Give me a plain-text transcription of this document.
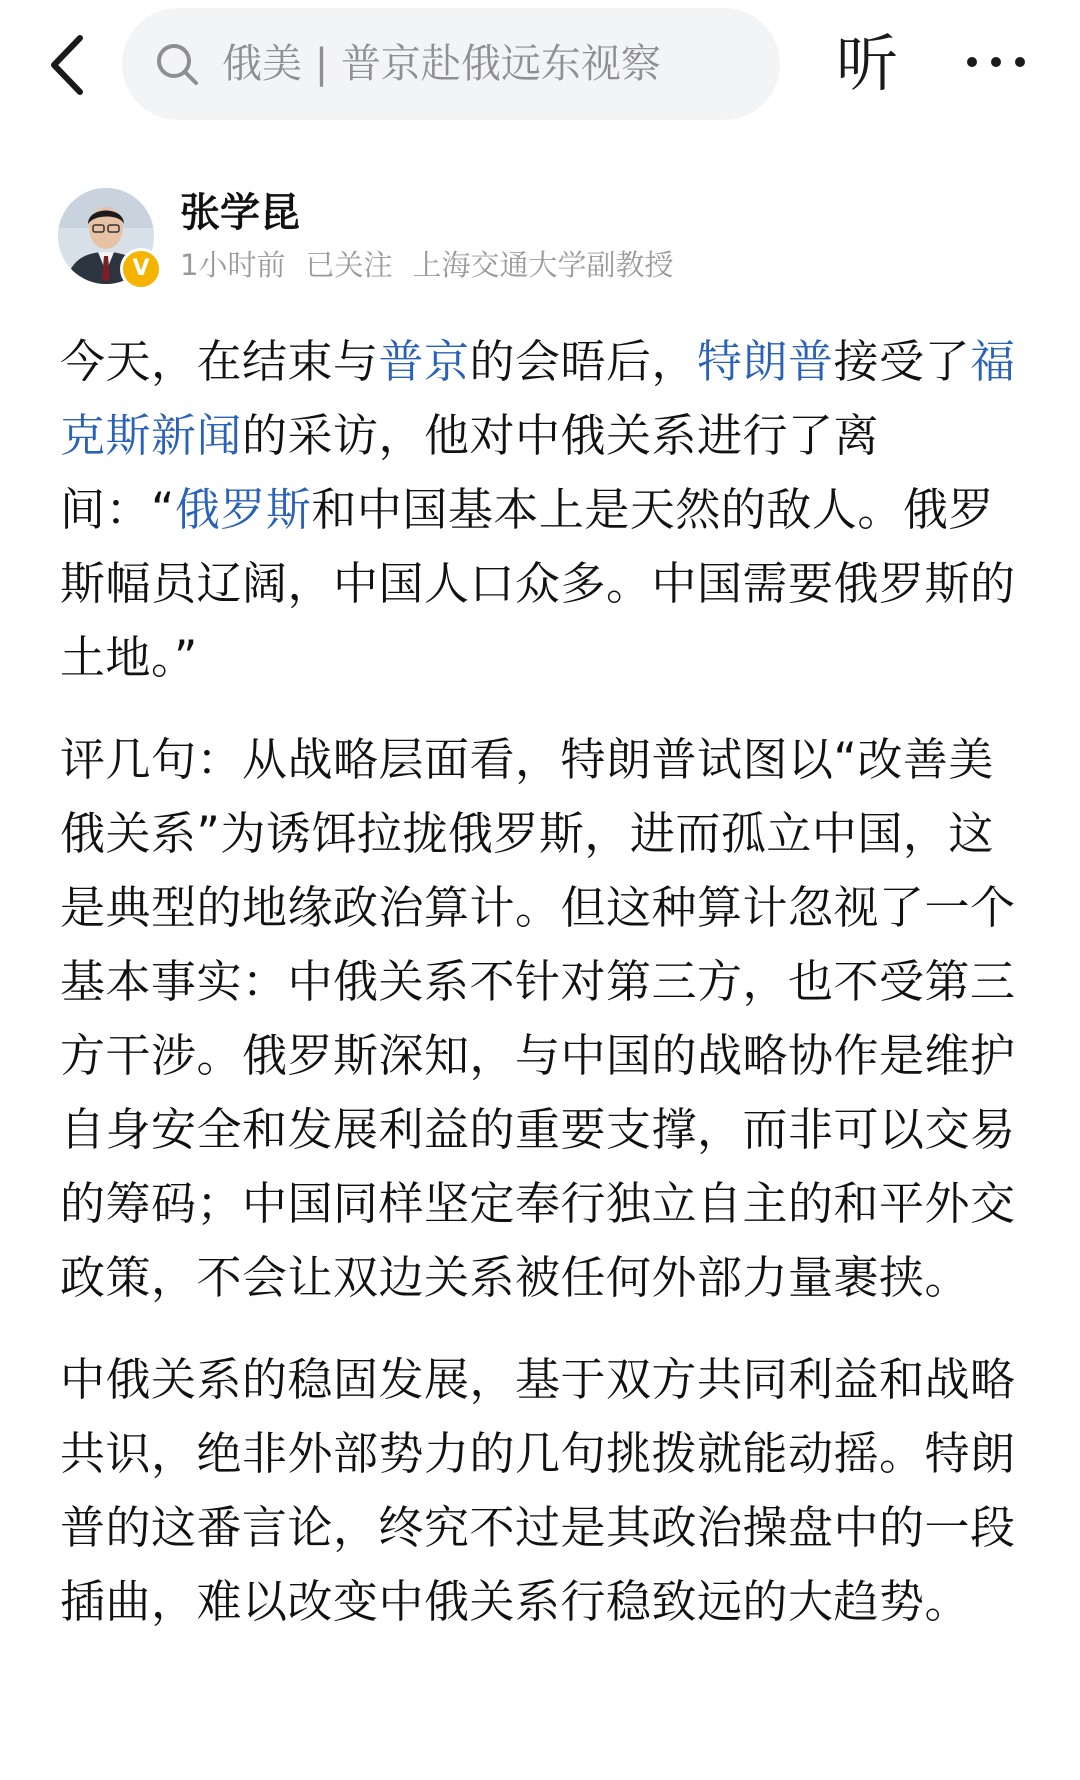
俄美 | 普京赴俄远东视察	听
V
张学昆
1小时前 已关注 上海交通大学副教授

今天，在结束与普京的会晤后，特朗普接受了福克斯新闻的采访，他对中俄关系进行了离间：“俄罗斯和中国基本上是天然的敌人。俄罗斯幅员辽阔，中国人口众多。中国需要俄罗斯的土地。”

评几句：从战略层面看，特朗普试图以“改善美俄关系”为诱饵拉拢俄罗斯，进而孤立中国，这是典型的地缘政治算计。但这种算计忽视了一个基本事实：中俄关系不针对第三方，也不受第三方干涉。俄罗斯深知，与中国的战略协作是维护自身安全和发展利益的重要支撑，而非可以交易的筹码；中国同样坚定奉行独立自主的和平外交政策，不会让双边关系被任何外部力量裹挟。

中俄关系的稳固发展，基于双方共同利益和战略共识，绝非外部势力的几句挑拨就能动摇。特朗普的这番言论，终究不过是其政治操盘中的一段插曲，难以改变中俄关系行稳致远的大趋势。
